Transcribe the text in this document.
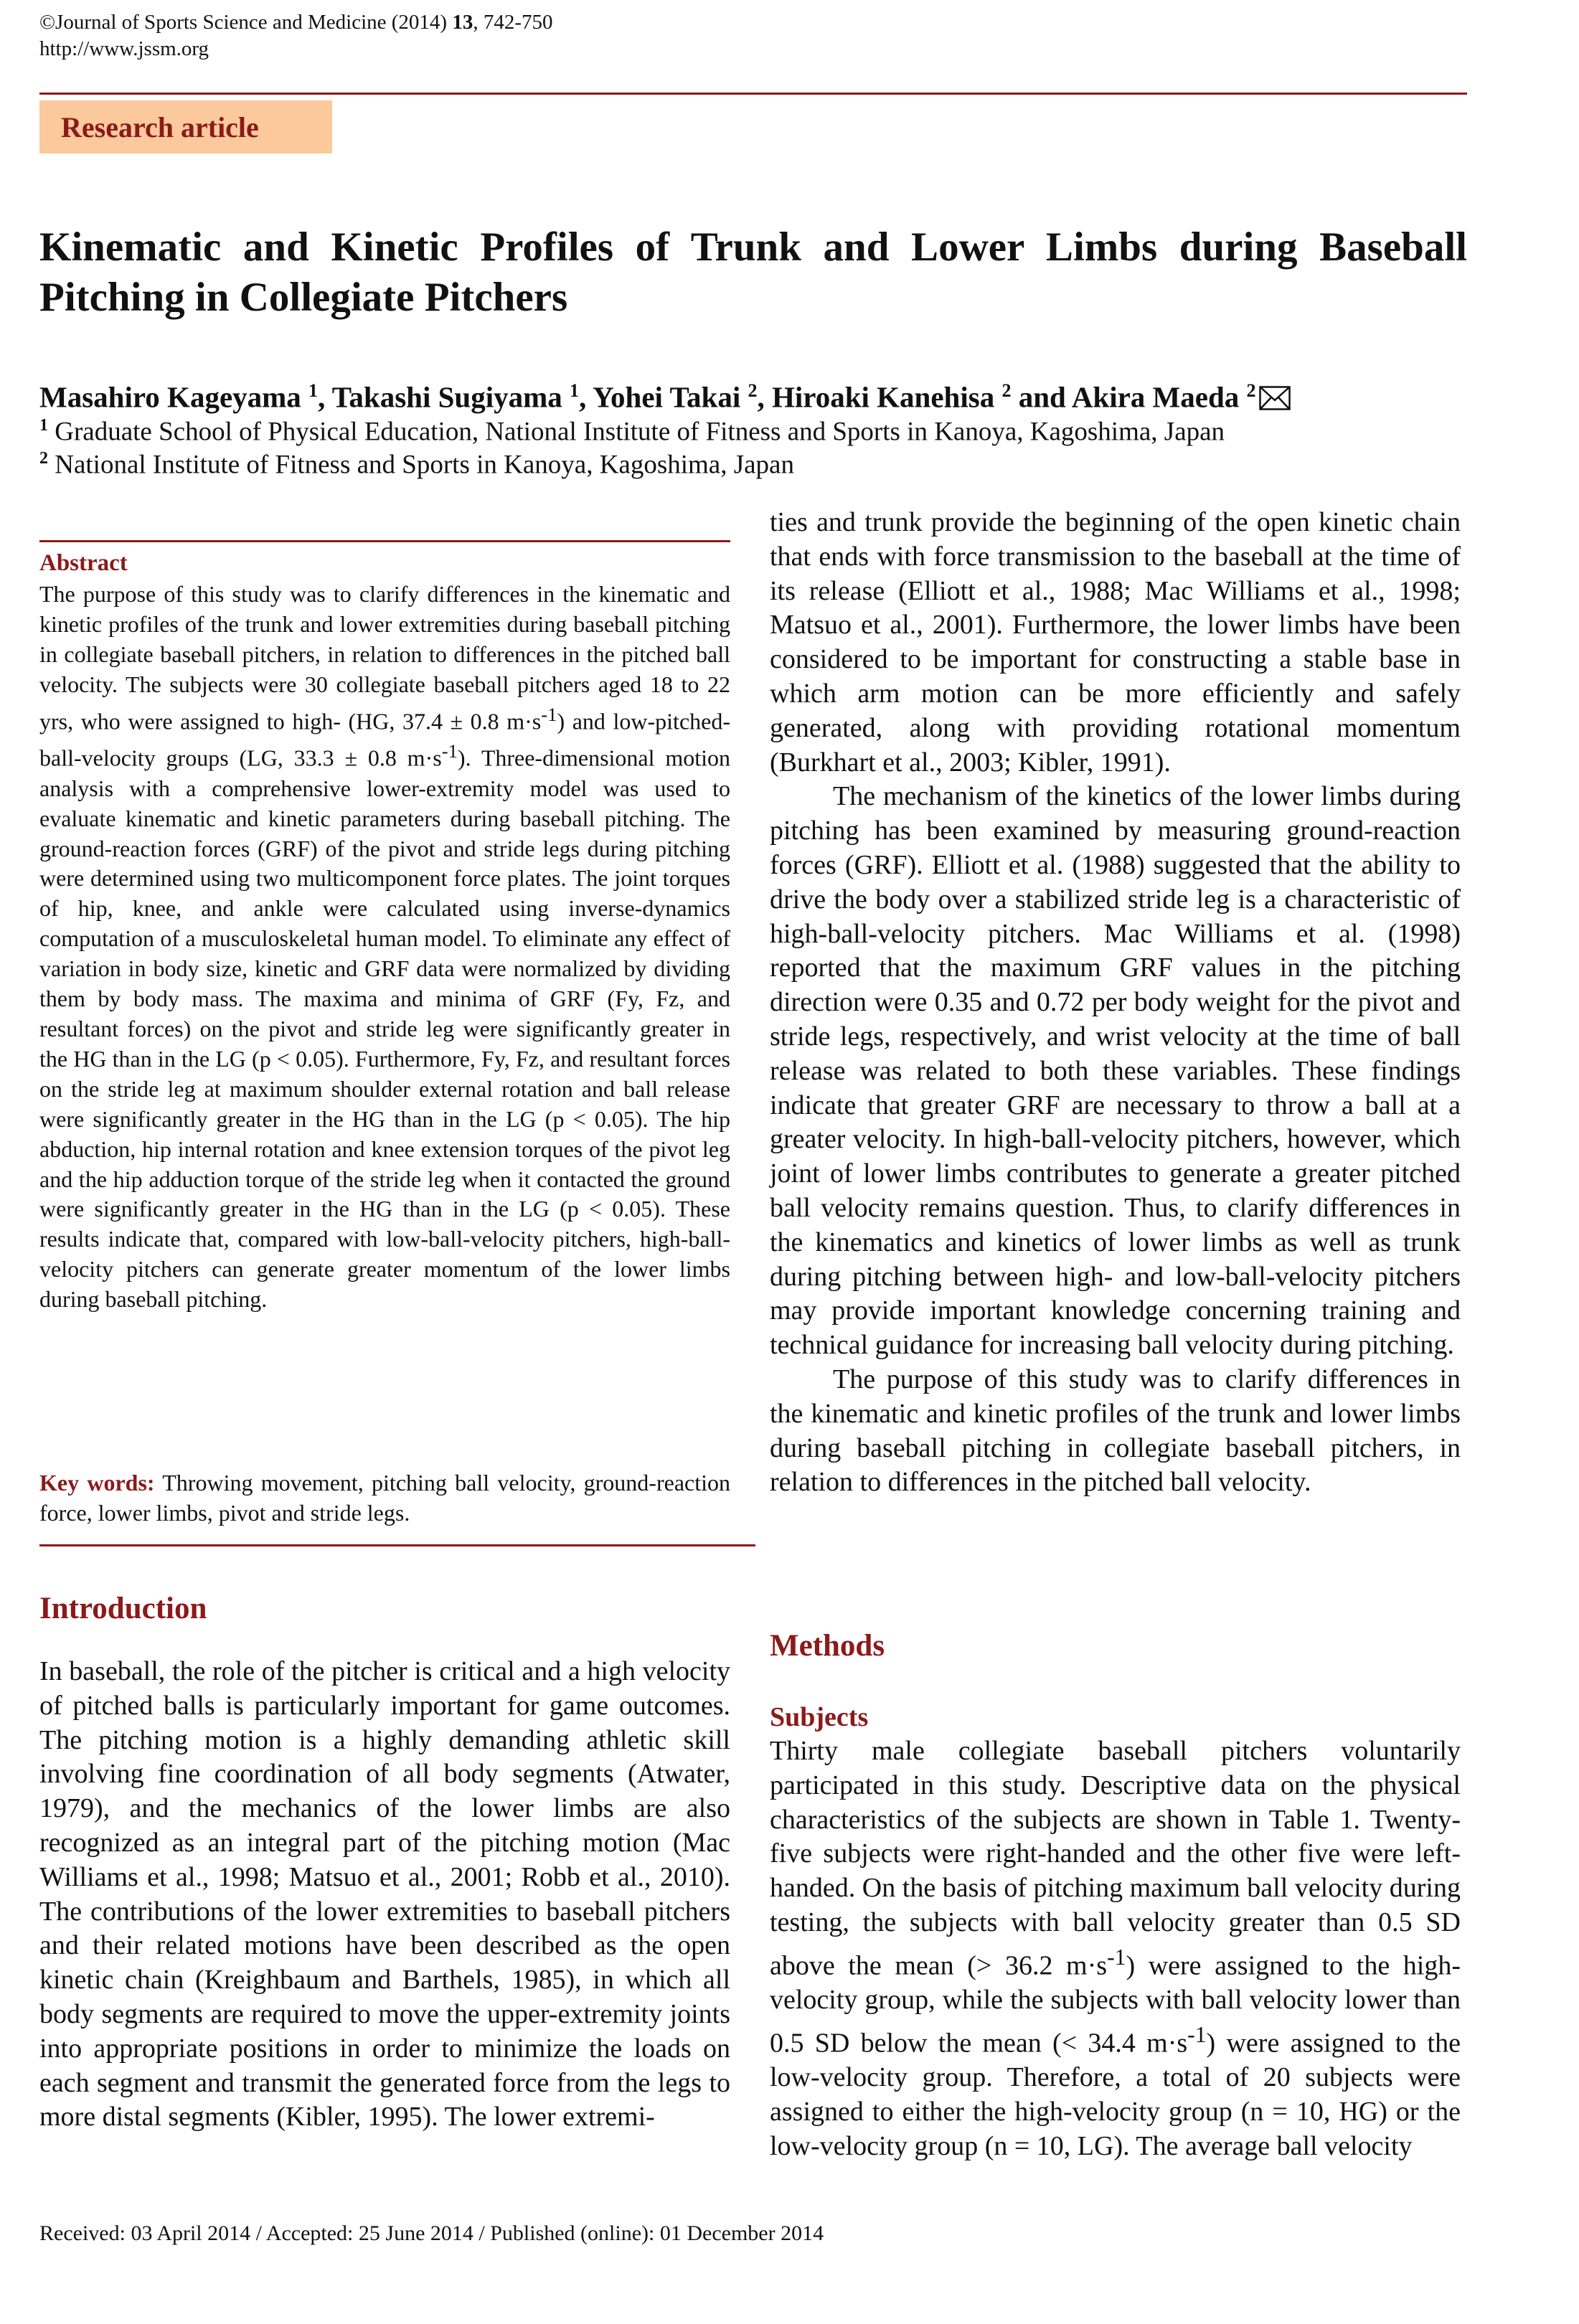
©Journal of Sports Science and Medicine (2014) 13, 742-750
http://www.jssm.org
Research article
Kinematic and Kinetic Profiles of Trunk and Lower Limbs during Baseball Pitching in Collegiate Pitchers
Masahiro Kageyama $^1$, Takashi Sugiyama $^1$, Yohei Takai $^2$, Hiroaki Kanehisa $^2$ and Akira Maeda $^2$
$^1$ Graduate School of Physical Education, National Institute of Fitness and Sports in Kanoya, Kagoshima, Japan
$^2$ National Institute of Fitness and Sports in Kanoya, Kagoshima, Japan
Abstract
The purpose of this study was to clarify differences in the kinematic and kinetic profiles of the trunk and lower extremities during baseball pitching in collegiate baseball pitchers, in relation to differences in the pitched ball velocity. The subjects were 30 collegiate baseball pitchers aged 18 to 22 yrs, who were assigned to high- (HG, 37.4 ± 0.8 $m\cdot s^{-1}$) and low-pitched-ball-velocity groups (LG, 33.3 ± 0.8 $m\cdot s^{-1}$). Three-dimensional motion analysis with a comprehensive lower-extremity model was used to evaluate kinematic and kinetic parameters during baseball pitching. The ground-reaction forces (GRF) of the pivot and stride legs during pitching were determined using two multicomponent force plates. The joint torques of hip, knee, and ankle were calculated using inverse-dynamics computation of a musculoskeletal human model. To eliminate any effect of variation in body size, kinetic and GRF data were normalized by dividing them by body mass. The maxima and minima of GRF (Fy, Fz, and resultant forces) on the pivot and stride leg were significantly greater in the HG than in the LG (p < 0.05). Furthermore, Fy, Fz, and resultant forces on the stride leg at maximum shoulder external rotation and ball release were significantly greater in the HG than in the LG (p < 0.05). The hip abduction, hip internal rotation and knee extension torques of the pivot leg and the hip adduction torque of the stride leg when it contacted the ground were significantly greater in the HG than in the LG (p < 0.05). These results indicate that, compared with low-ball-velocity pitchers, high-ball-velocity pitchers can generate greater momentum of the lower limbs during baseball pitching.
Key words: Throwing movement, pitching ball velocity, ground-reaction force, lower limbs, pivot and stride legs.
Introduction

In baseball, the role of the pitcher is critical and a high velocity of pitched balls is particularly important for game outcomes. The pitching motion is a highly demanding athletic skill involving fine coordination of all body segments (Atwater, 1979), and the mechanics of the lower limbs are also recognized as an integral part of the pitching motion (Mac Williams et al., 1998; Matsuo et al., 2001; Robb et al., 2010). The contributions of the lower extremities to baseball pitchers and their related motions have been described as the open kinetic chain (Kreighbaum and Barthels, 1985), in which all body segments are required to move the upper-extremity joints into appropriate positions in order to minimize the loads on each segment and transmit the generated force from the legs to more distal segments (Kibler, 1995). The lower extremi-

ties and trunk provide the beginning of the open kinetic chain that ends with force transmission to the baseball at the time of its release (Elliott et al., 1988; Mac Williams et al., 1998; Matsuo et al., 2001). Furthermore, the lower limbs have been considered to be important for constructing a stable base in which arm motion can be more efficiently and safely generated, along with providing rotational momentum (Burkhart et al., 2003; Kibler, 1991).

The mechanism of the kinetics of the lower limbs during pitching has been examined by measuring ground-reaction forces (GRF). Elliott et al. (1988) suggested that the ability to drive the body over a stabilized stride leg is a characteristic of high-ball-velocity pitchers. Mac Williams et al. (1998) reported that the maximum GRF values in the pitching direction were 0.35 and 0.72 per body weight for the pivot and stride legs, respectively, and wrist velocity at the time of ball release was related to both these variables. These findings indicate that greater GRF are necessary to throw a ball at a greater velocity. In high-ball-velocity pitchers, however, which joint of lower limbs contributes to generate a greater pitched ball velocity remains question. Thus, to clarify differences in the kinematics and kinetics of lower limbs as well as trunk during pitching between high- and low-ball-velocity pitchers may provide important knowledge concerning training and technical guidance for increasing ball velocity during pitching.

The purpose of this study was to clarify differences in the kinematic and kinetic profiles of the trunk and lower limbs during baseball pitching in collegiate baseball pitchers, in relation to differences in the pitched ball velocity.

Methods
Subjects
Thirty male collegiate baseball pitchers voluntarily participated in this study. Descriptive data on the physical characteristics of the subjects are shown in Table 1. Twenty-five subjects were right-handed and the other five were left-handed. On the basis of pitching maximum ball velocity during testing, the subjects with ball velocity greater than 0.5 SD above the mean (> 36.2 $m\cdot s^{-1}$) were assigned to the high-velocity group, while the subjects with ball velocity lower than 0.5 SD below the mean (< 34.4 $m\cdot s^{-1}$) were assigned to the low-velocity group. Therefore, a total of 20 subjects were assigned to either the high-velocity group (n = 10, HG) or the low-velocity group (n = 10, LG). The average ball velocity
Received: 03 April 2014 / Accepted: 25 June 2014 / Published (online): 01 December 2014
